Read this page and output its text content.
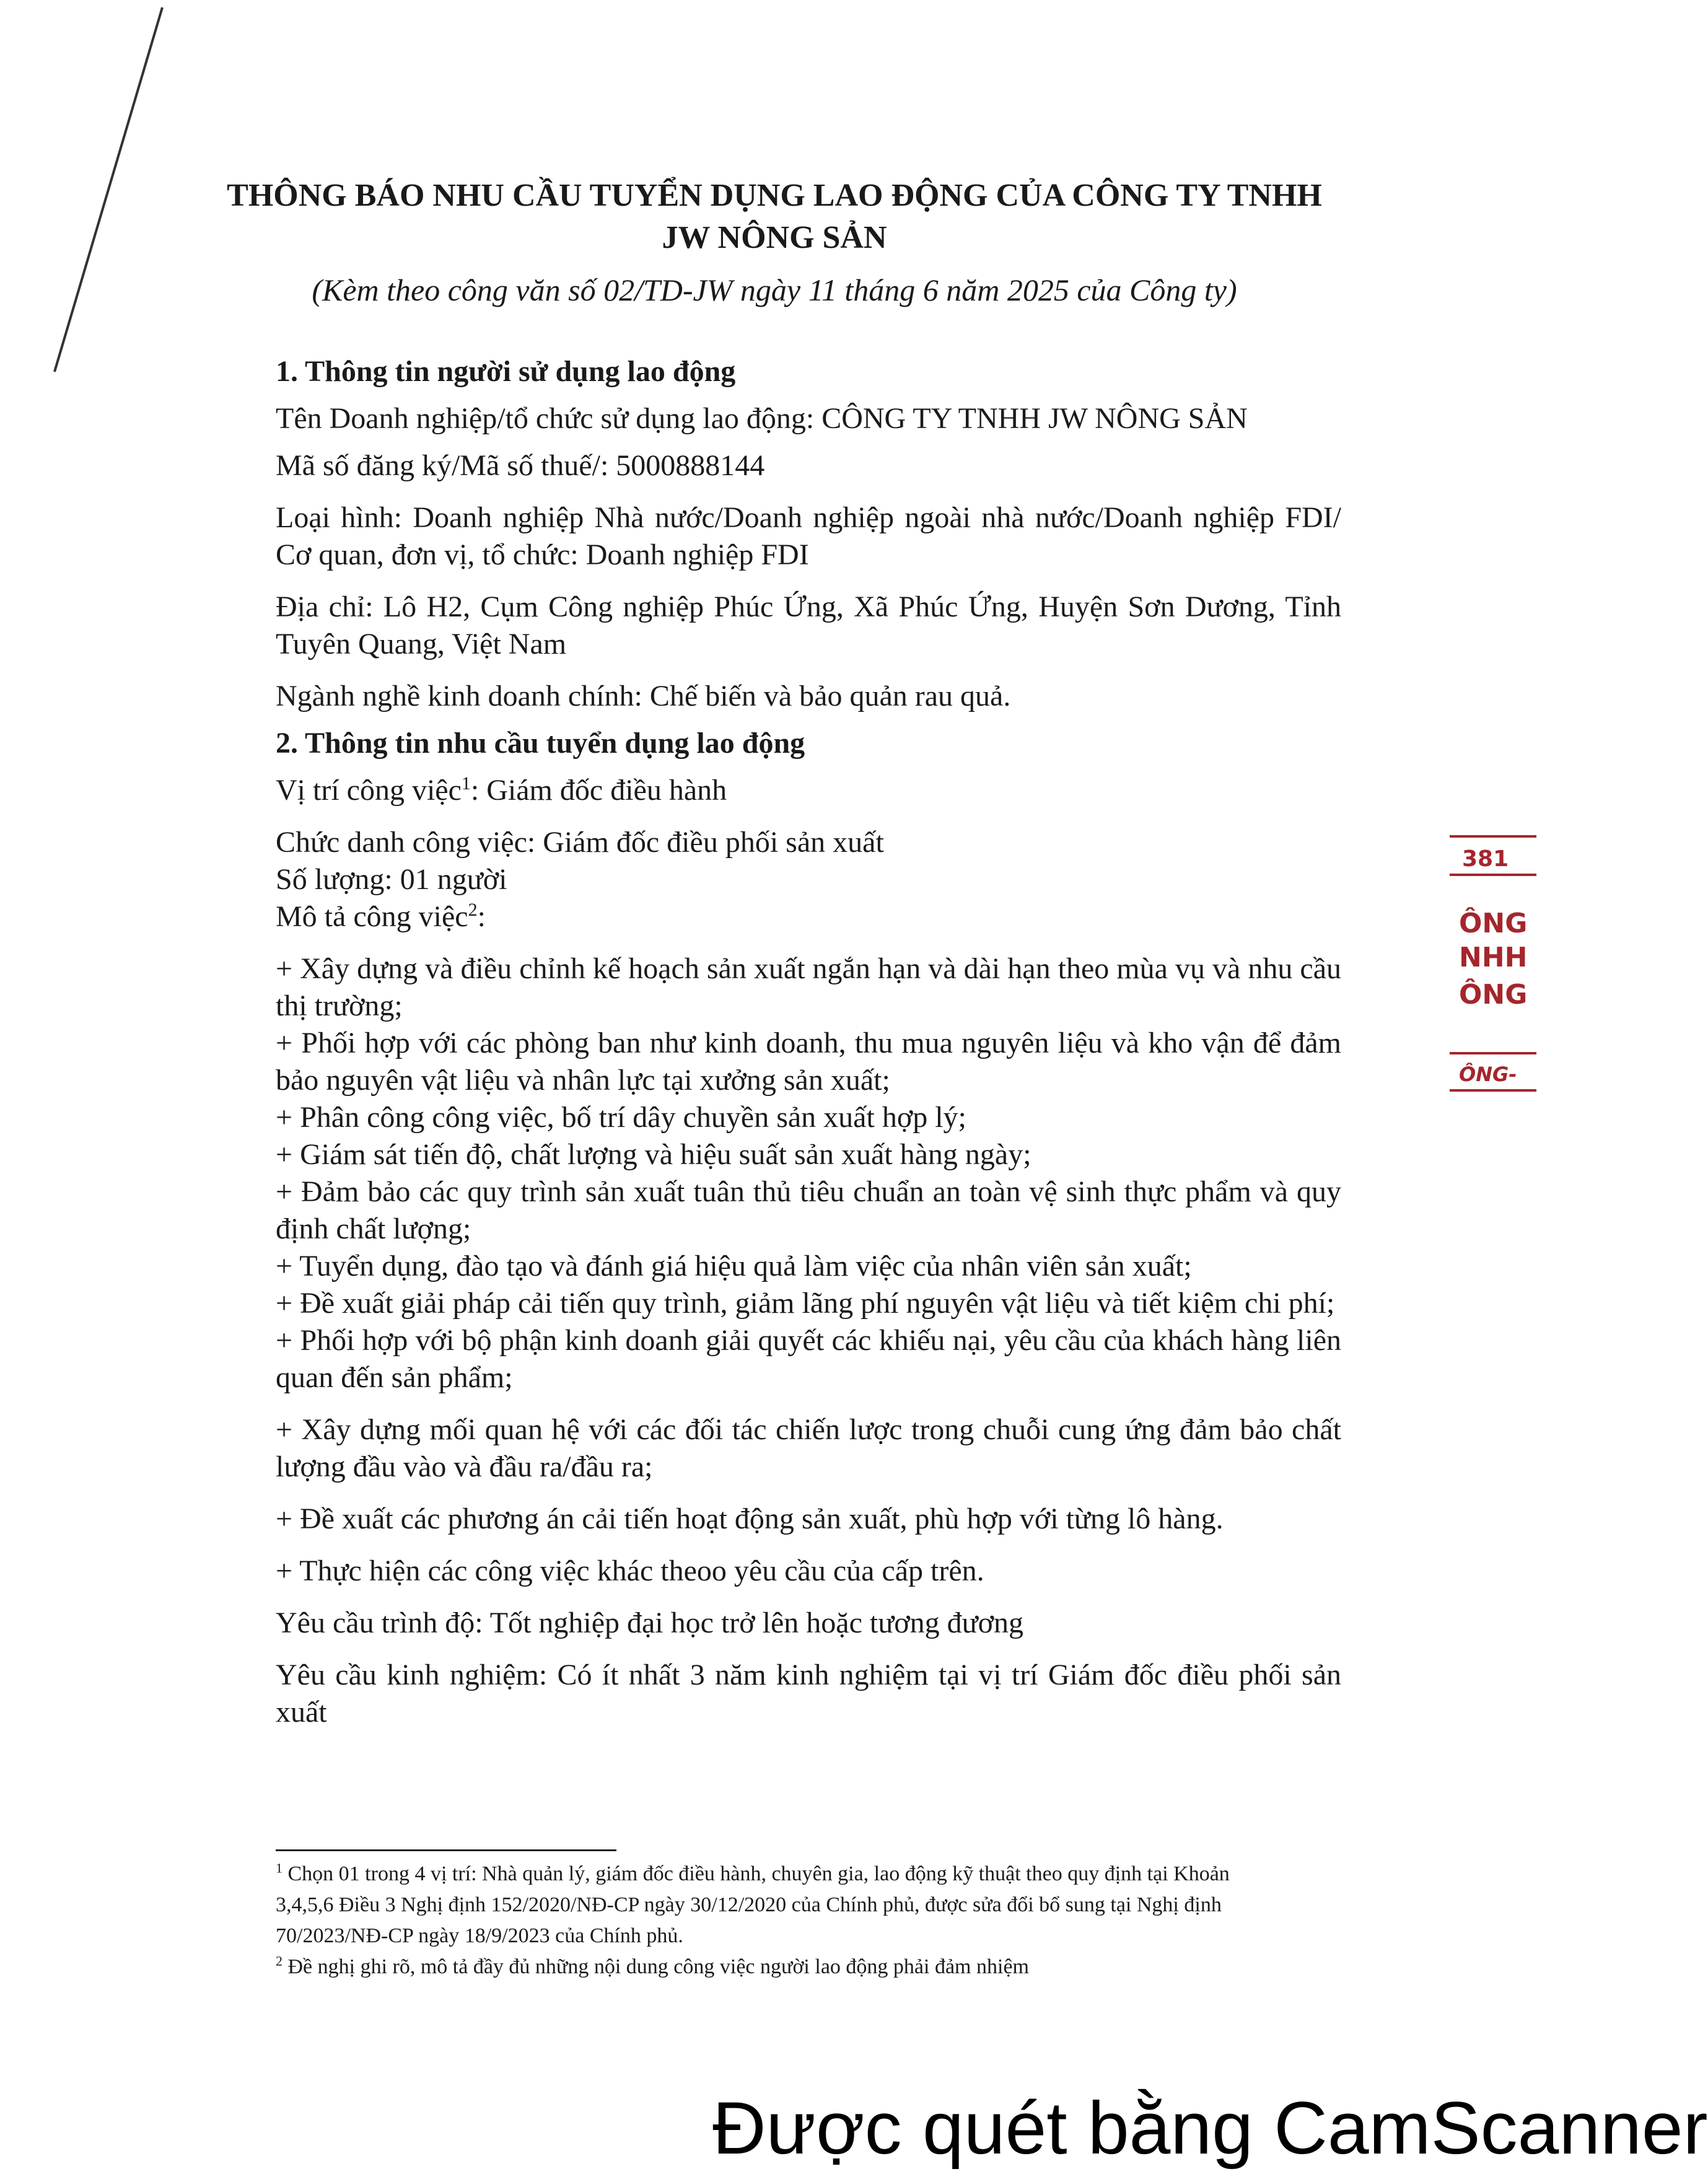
THÔNG BÁO NHU CẦU TUYỂN DỤNG LAO ĐỘNG CỦA CÔNG TY TNHH
JW NÔNG SẢN
(Kèm theo công văn số 02/TD-JW ngày 11 tháng 6 năm 2025 của Công ty)

1. Thông tin người sử dụng lao động

Tên Doanh nghiệp/tổ chức sử dụng lao động: CÔNG TY TNHH JW NÔNG SẢN

Mã số đăng ký/Mã số thuế/: 5000888144

Loại hình: Doanh nghiệp Nhà nước/Doanh nghiệp ngoài nhà nước/Doanh nghiệp FDI/ Cơ quan, đơn vị, tổ chức: Doanh nghiệp FDI

Địa chỉ: Lô H2, Cụm Công nghiệp Phúc Ứng, Xã Phúc Ứng, Huyện Sơn Dương, Tỉnh Tuyên Quang, Việt Nam

Ngành nghề kinh doanh chính: Chế biến và bảo quản rau quả.

2. Thông tin nhu cầu tuyển dụng lao động

Vị trí công việc$^1$: Giám đốc điều hành

Chức danh công việc: Giám đốc điều phối sản xuất

Số lượng: 01 người

Mô tả công việc$^2$:

+ Xây dựng và điều chỉnh kế hoạch sản xuất ngắn hạn và dài hạn theo mùa vụ và nhu cầu thị trường;

+ Phối hợp với các phòng ban như kinh doanh, thu mua nguyên liệu và kho vận để đảm bảo nguyên vật liệu và nhân lực tại xưởng sản xuất;

+ Phân công công việc, bố trí dây chuyền sản xuất hợp lý;

+ Giám sát tiến độ, chất lượng và hiệu suất sản xuất hàng ngày;

+ Đảm bảo các quy trình sản xuất tuân thủ tiêu chuẩn an toàn vệ sinh thực phẩm và quy định chất lượng;

+ Tuyển dụng, đào tạo và đánh giá hiệu quả làm việc của nhân viên sản xuất;

+ Đề xuất giải pháp cải tiến quy trình, giảm lãng phí nguyên vật liệu và tiết kiệm chi phí;

+ Phối hợp với bộ phận kinh doanh giải quyết các khiếu nại, yêu cầu của khách hàng liên quan đến sản phẩm;

+ Xây dựng mối quan hệ với các đối tác chiến lược trong chuỗi cung ứng đảm bảo chất lượng đầu vào và đầu ra/đầu ra;

+ Đề xuất các phương án cải tiến hoạt động sản xuất, phù hợp với từng lô hàng.

+ Thực hiện các công việc khác theoo yêu cầu của cấp trên.

Yêu cầu trình độ: Tốt nghiệp đại học trở lên hoặc tương đương

Yêu cầu kinh nghiệm: Có ít nhất 3 năm kinh nghiệm tại vị trí Giám đốc điều phối sản xuất

$^1$ Chọn 01 trong 4 vị trí: Nhà quản lý, giám đốc điều hành, chuyên gia, lao động kỹ thuật theo quy định tại Khoản 3,4,5,6 Điều 3 Nghị định 152/2020/NĐ-CP ngày 30/12/2020 của Chính phủ, được sửa đổi bổ sung tại Nghị định 70/2023/NĐ-CP ngày 18/9/2023 của Chính phủ.

$^2$ Đề nghị ghi rõ, mô tả đầy đủ những nội dung công việc người lao động phải đảm nhiệm

381
ÔNG
NHH
ÔNG
ÔNG-
Được quét bằng CamScanner
